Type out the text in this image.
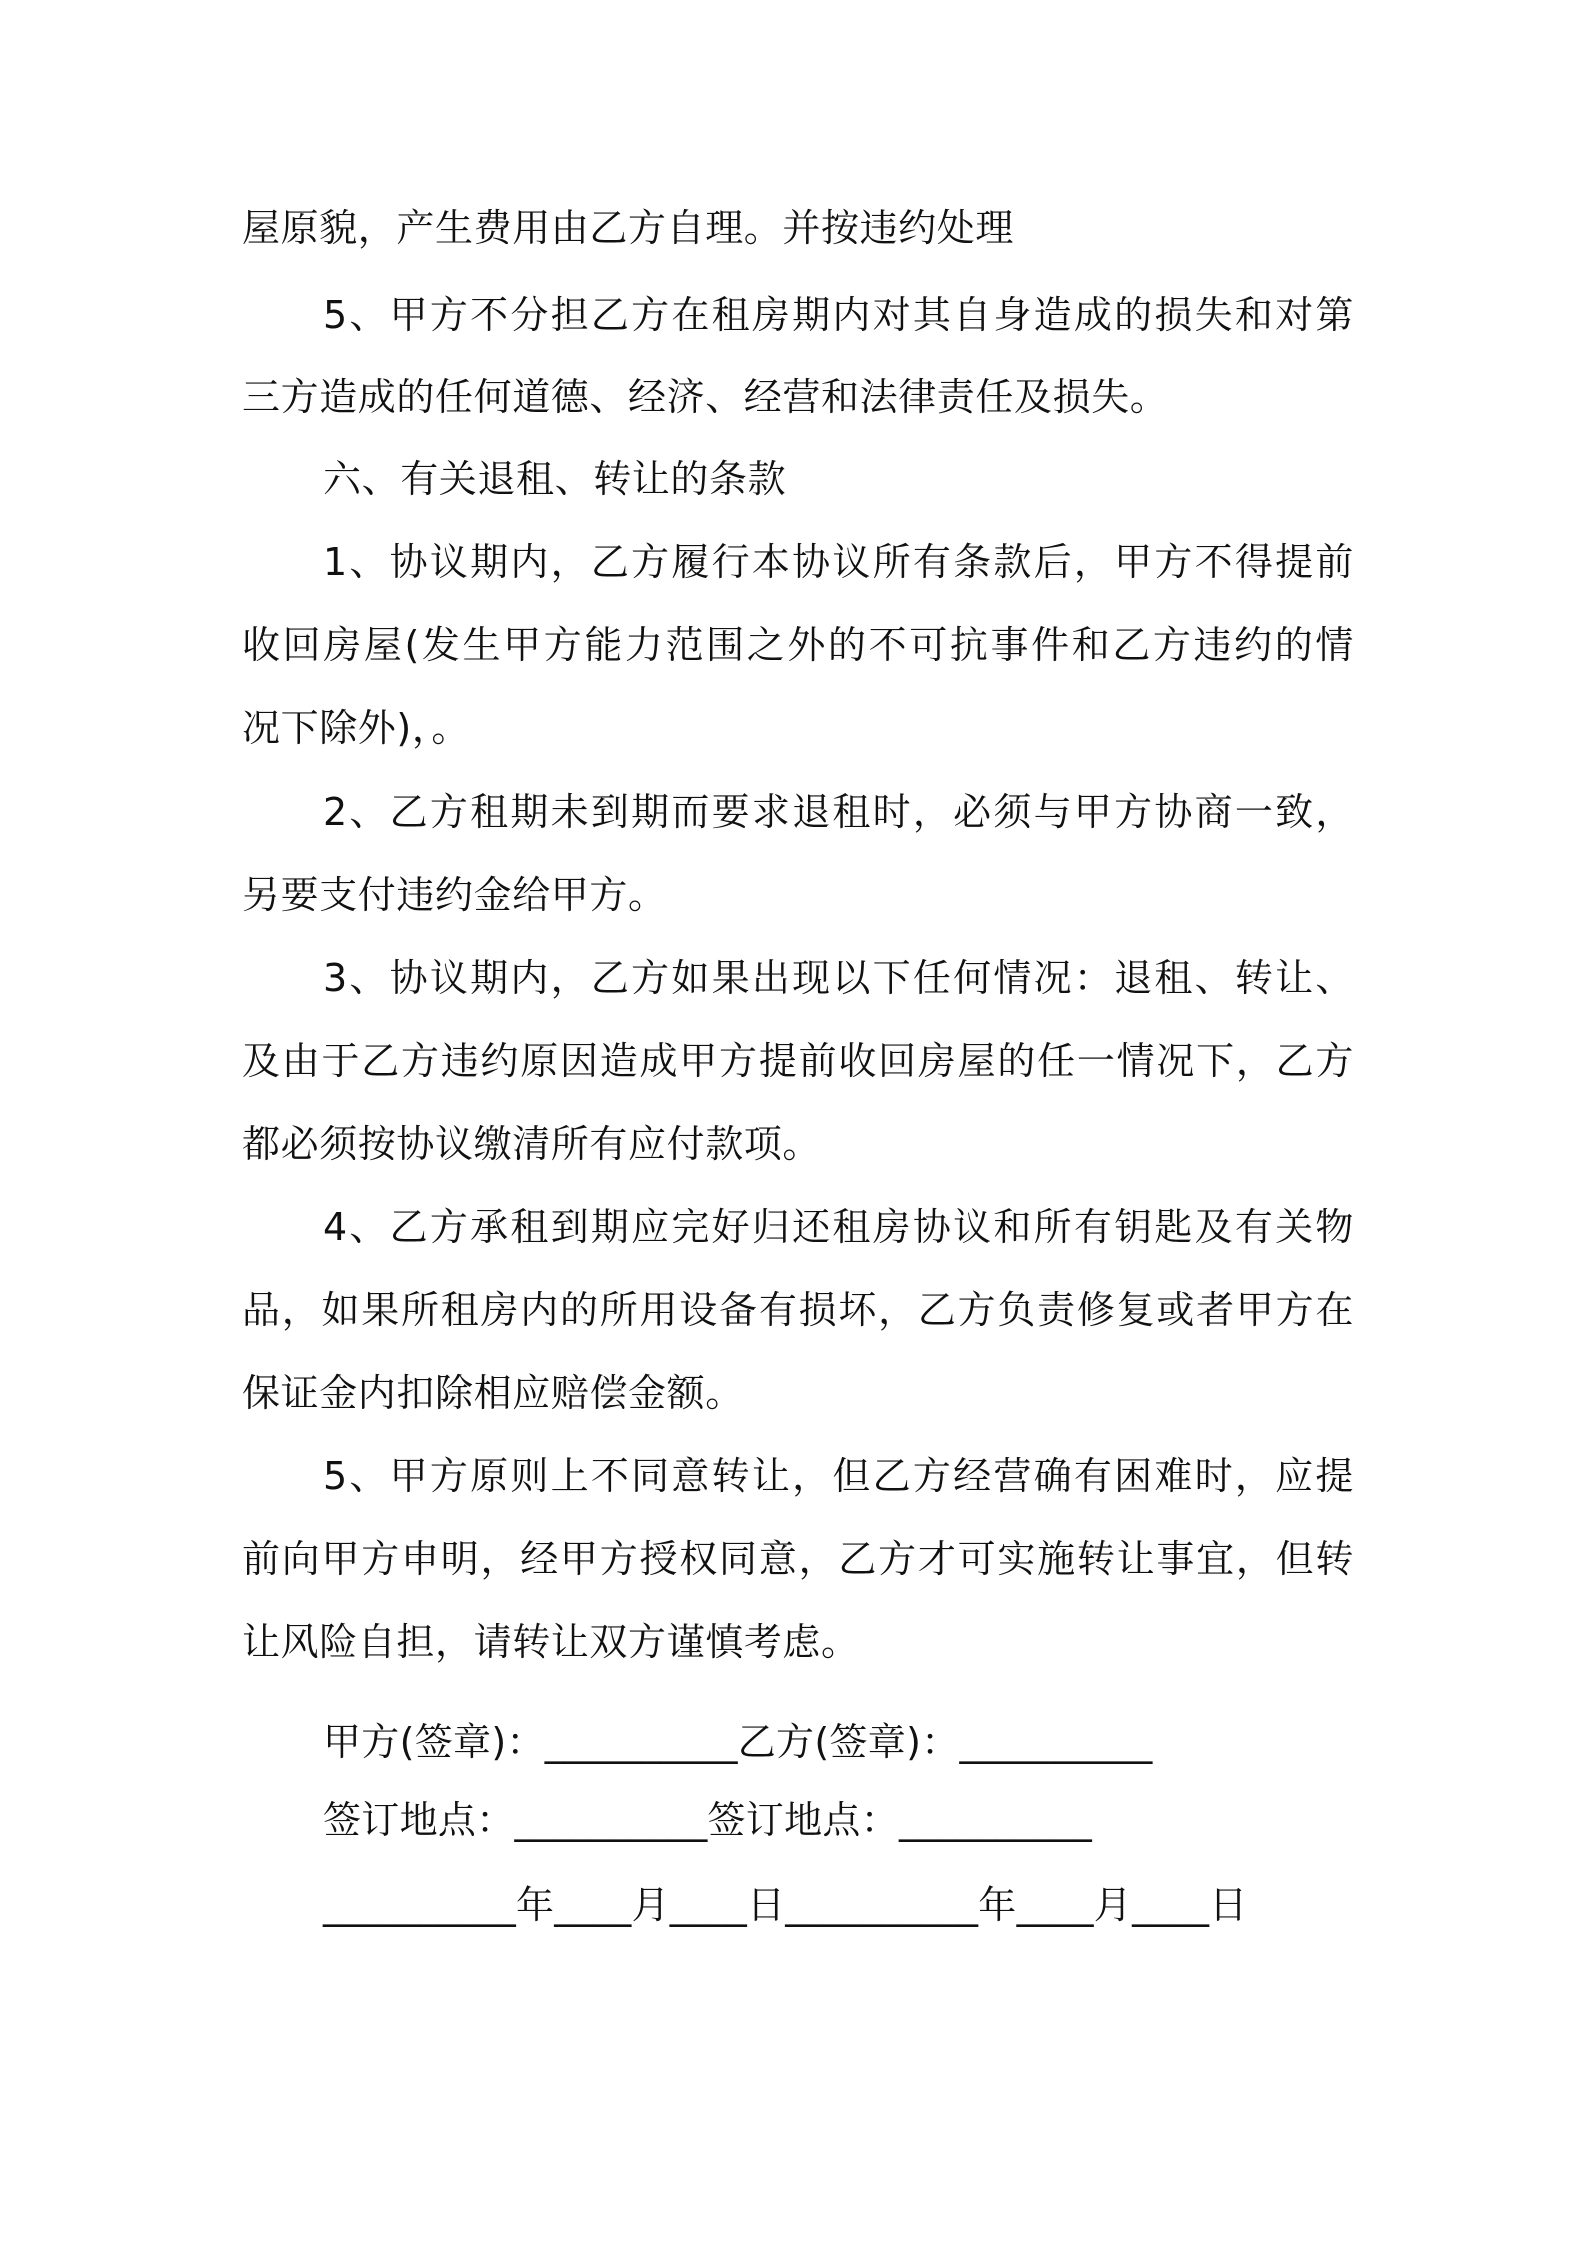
屋原貌，产生费用由乙方自理。并按违约处理
5、甲方不分担乙方在租房期内对其自身造成的损失和对第
三方造成的任何道德、经济、经营和法律责任及损失。
六、有关退租、转让的条款
1、协议期内，乙方履行本协议所有条款后，甲方不得提前
收回房屋(发生甲方能力范围之外的不可抗事件和乙方违约的情
况下除外)，。
2、乙方租期未到期而要求退租时，必须与甲方协商一致，
另要支付违约金给甲方。
3、协议期内，乙方如果出现以下任何情况：退租、转让、
及由于乙方违约原因造成甲方提前收回房屋的任一情况下，乙方
都必须按协议缴清所有应付款项。
4、乙方承租到期应完好归还租房协议和所有钥匙及有关物
品，如果所租房内的所用设备有损坏，乙方负责修复或者甲方在
保证金内扣除相应赔偿金额。
5、甲方原则上不同意转让，但乙方经营确有困难时，应提
前向甲方申明，经甲方授权同意，乙方才可实施转让事宜，但转
让风险自担，请转让双方谨慎考虑。
甲方(签章)：__________乙方(签章)：__________
签订地点：__________签订地点：__________
__________年____月____日__________年____月____日
